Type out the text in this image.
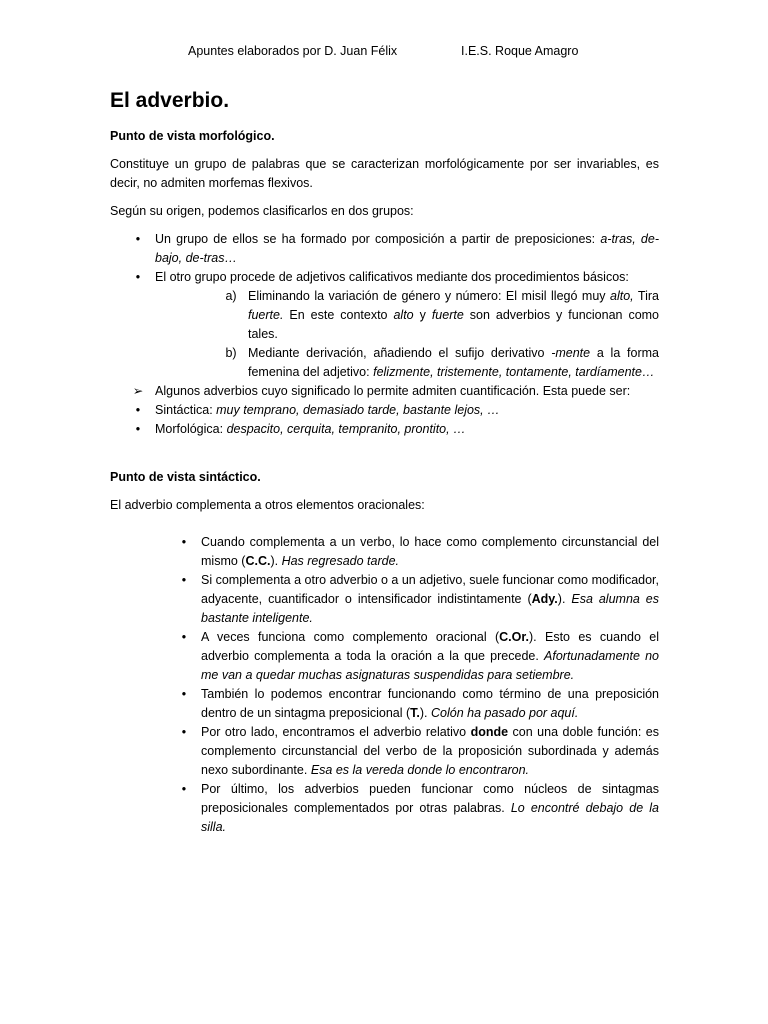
Apuntes elaborados por D. Juan Félix	I.E.S. Roque Amagro
El adverbio.
Punto de vista morfológico.

Constituye un grupo de palabras que se caracterizan morfológicamente por ser invariables, es decir, no admiten morfemas flexivos.

Según su origen, podemos clasificarlos en dos grupos:

•	Un grupo de ellos se ha formado por composición a partir de preposiciones: a-tras, de-bajo, de-tras…
•	El otro grupo procede de adjetivos calificativos mediante dos procedimientos básicos:
a) Eliminando la variación de género y número: El misil llegó muy alto, Tira fuerte. En este contexto alto y fuerte son adverbios y funcionan como tales.
b) Mediante derivación, añadiendo el sufijo derivativo -mente a la forma femenina del adjetivo: felizmente, tristemente, tontamente, tardíamente…
➢ Algunos adverbios cuyo significado lo permite admiten cuantificación. Esta puede ser:
•	Sintáctica: muy temprano, demasiado tarde, bastante lejos, …
•	Morfológica: despacito, cerquita, tempranito, prontito, …
Punto de vista sintáctico.

El adverbio complementa a otros elementos oracionales:

•	Cuando complementa a un verbo, lo hace como complemento circunstancial del mismo (C.C.). Has regresado tarde.
•	Si complementa a otro adverbio o a un adjetivo, suele funcionar como modificador, adyacente, cuantificador o intensificador indistintamente (Ady.). Esa alumna es bastante inteligente.
•	A veces funciona como complemento oracional (C.Or.). Esto es cuando el adverbio complementa a toda la oración a la que precede. Afortunadamente no me van a quedar muchas asignaturas suspendidas para setiembre.
•	También lo podemos encontrar funcionando como término de una preposición dentro de un sintagma preposicional (T.). Colón ha pasado por aquí.
•	Por otro lado, encontramos el adverbio relativo donde con una doble función: es complemento circunstancial del verbo de la proposición subordinada y además nexo subordinante. Esa es la vereda donde lo encontraron.
•	Por último, los adverbios pueden funcionar como núcleos de sintagmas preposicionales complementados por otras palabras. Lo encontré debajo de la silla.
